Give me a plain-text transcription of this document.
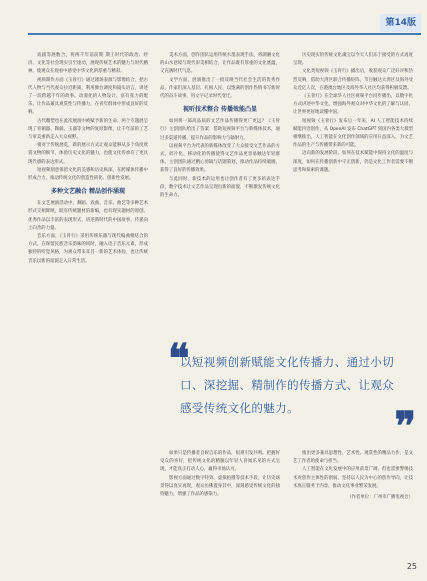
第14版

戏剧等展数合，将两千年前前期 期王时代的政治、经济、文化等社会现实引至逐动，展现传统艺术的魅力与时代精神，使观众在观看中感受中华文化的厚重与精彩。

视频制作方面《玉骨行》通过剧场表演与影像结合，把古代人物与当代观众拉近距离，利用舞台调度和镜头语言，讲述了一段跨越千年的故事。动漫化的人物设计、富有张力的配乐，让作品兼具观赏性与传播力，在青年群体中形成良好的反响。

古代雕塑也在此次展演中被赋予新的生命。两个专题展呈现了青铜器、陶俑、玉器等文物的复原影像，让千年前的工艺与审美重新走入大众视野。

相对于传统展览，新的展示方式让观众能够从多个角度欣赏文物的细节，体验历史文化的魅力，也使文化传承有了更具现代感的表达形式。

短视频刻意保留文化的美感和历史纵深，在跨媒体传播中形成合力，推动传统文化的创造性转化、创新性发展。

多种文艺融合 精品创作涌现

在文艺展演活动中，舞蹈、戏曲、音乐、曲艺等多种艺术形式交相辉映，既有传统题材的新编，也有现实题材的原创。优秀作品以丰富的表现形式，讲述新时代的中国故事，传递向上向善的力量。

音乐方面，《玉骨行》采用传统乐器与现代编曲相结合的方式，在保留民族音乐韵味的同时，融入电子音乐元素，形成独特的听觉风格，为观众带来耳目一新的艺术体验，也让传统音乐以新的面貌走入日常生活。

美术方面，创作团队运用传统水墨表现手法，将湖湘文化的山水意境与现代审美相结合，让作品既有厚重的文化底蕴，又充满时代气息。

文学方面，展演推出了一批反映当代社会生活的优秀作品，作家们深入基层、扎根人民，以饱满的创作热情书写新时代的奋斗故事，用文字记录时代变迁。

视听技术整合 传播效能凸显

如何将一部高品质的文艺作品传播得更广更远？《玉骨行》主创团队给出了答案：借助短视频平台与新媒体技术，通过多渠道传播，提升作品的影响力与辐射力。

以视频平台为代表的新媒体改变了大众接受文艺作品的方式，碎片化、移动化的传播使得文艺作品更容易触达年轻群体。主创团队通过精心剪辑与话题策划，推动作品持续破圈，获得了良好的传播效果。

与此同时，新技术的运用也让创作者有了更多的表达手段，数字技术让文艺作品呈现出新的面貌，不断激发传统文化的生命力。

历史现实的传统文化魂宝以今天人们乐于接受的方式再度呈现。

文化类短视频《玉骨行》播出后，收获观众广泛好评和热烈反响，借助大湾区联合传播矩阵，节目触达大湾区及海外受众近亿人次，在港澳台地区及海外华人社区均获得积极反馈。

《玉骨行》在全球华人社区视频平台同步播出，以数字化方式讲述中华文化，增强海外观众对中华文化的了解与认同，让世界更好地读懂中国。

短视频《玉骨行》发布后一年来，AI 人工智能技术持续赋能内容创作，从 OpenAI 发布 ChatGPT 到国内各类大模型相继推出，人工智能在文化创作领域的应用日益深入，为文艺作品的生产与传播带来新的可能。

迈向新的发展阶段，如何在技术赋能中保持文化的温度与深度，如何在传播创新中守正创新，仍是文化工作者需要不断思考和探索的课题。

❝
以短视频创新赋能文化传播力、通过小切口、深挖掘、精制作的传播方式、让观众感受传统文化的魅力。	❞

如果只是传播者自娱自乐的作品，很难引发共鸣。把握好受众的喜好，把传统文化的精髓以年轻人喜闻乐见的方式呈现，才能真正打动人心，赢得市场认可。

影视方面通过数字特效、虚拟拍摄等技术手段，让历史场景得以真实再现，观众仿佛置身其中，深刻感受传统文化的独特魅力，增强了作品的感染力。

推出更多兼具思想性、艺术性、观赏性的精品力作，是文艺工作者的使命与担当。

人工智能在文化发展中的应用前景广阔，但也需要警惕技术对创作主体性的削弱，坚持以人民为中心的创作导向，让技术真正服务于内容，推动文化事业繁荣发展。

（作者单位：广州市广播电视台）

25
